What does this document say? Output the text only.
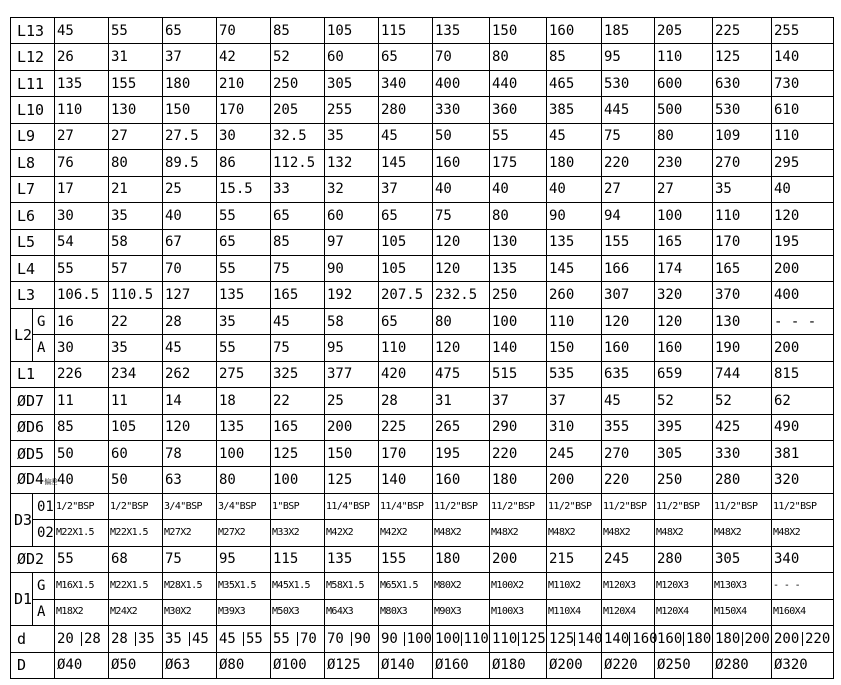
L13		45	55	65	70	85	105	115	135	150	160	185	205	225	255
L12		26	31	37	42	52	60	65	70	80	85	95	110	125	140
L11		135	155	180	210	250	305	340	400	440	465	530	600	630	730
L10		110	130	150	170	205	255	280	330	360	385	445	500	530	610
L9		27	27	27.5	30	32.5	35	45	50	55	45	75	80	109	110
L8		76	80	89.5	86	112.5	132	145	160	175	180	220	230	270	295
L7		17	21	25	15.5	33	32	37	40	40	40	27	27	35	40
L6		30	35	40	55	65	60	65	75	80	90	94	100	110	120
L5		54	58	67	65	85	97	105	120	130	135	155	165	170	195
L4		55	57	70	55	75	90	105	120	135	145	166	174	165	200
L3		106.5	110.5	127	135	165	192	207.5	232.5	250	260	307	320	370	400
L2	G	16	22	28	35	45	58	65	80	100	110	120	120	130	- - -
	A	30	35	45	55	75	95	110	120	140	150	160	160	190	200
L1		226	234	262	275	325	377	420	475	515	535	635	659	744	815
ØD7		11	11	14	18	22	25	28	31	37	37	45	52	52	62
ØD6		85	105	120	135	165	200	225	265	290	310	355	395	425	490
ØD5		50	60	78	100	125	150	170	195	220	245	270	305	330	381
ØD4偏差		40	50	63	80	100	125	140	160	180	200	220	250	280	320
D3	01	1/2"BSP	1/2"BSP	3/4"BSP	3/4"BSP	1"BSP	11/4"BSP	11/4"BSP	11/2"BSP	11/2"BSP	11/2"BSP	11/2"BSP	11/2"BSP	11/2"BSP	11/2"BSP
	02	M22X1.5	M22X1.5	M27X2	M27X2	M33X2	M42X2	M42X2	M48X2	M48X2	M48X2	M48X2	M48X2	M48X2	M48X2
ØD2		55	68	75	95	115	135	155	180	200	215	245	280	305	340
D1	G	M16X1.5	M22X1.5	M28X1.5	M35X1.5	M45X1.5	M58X1.5	M65X1.5	M80X2	M100X2	M110X2	M120X3	M120X3	M130X3	- - -
	A	M18X2	M24X2	M30X2	M39X3	M50X3	M64X3	M80X3	M90X3	M100X3	M110X4	M120X4	M120X4	M150X4	M160X4
d		20 28	28 35	35 45	45 55	55 70	70 90	90 100	100 110	110 125	125 140	140 160	160 180	180 200	200 220

D		Ø40	Ø50	Ø63	Ø80	Ø100	Ø125	Ø140	Ø160	Ø180	Ø200	Ø220	Ø250	Ø280	Ø320
